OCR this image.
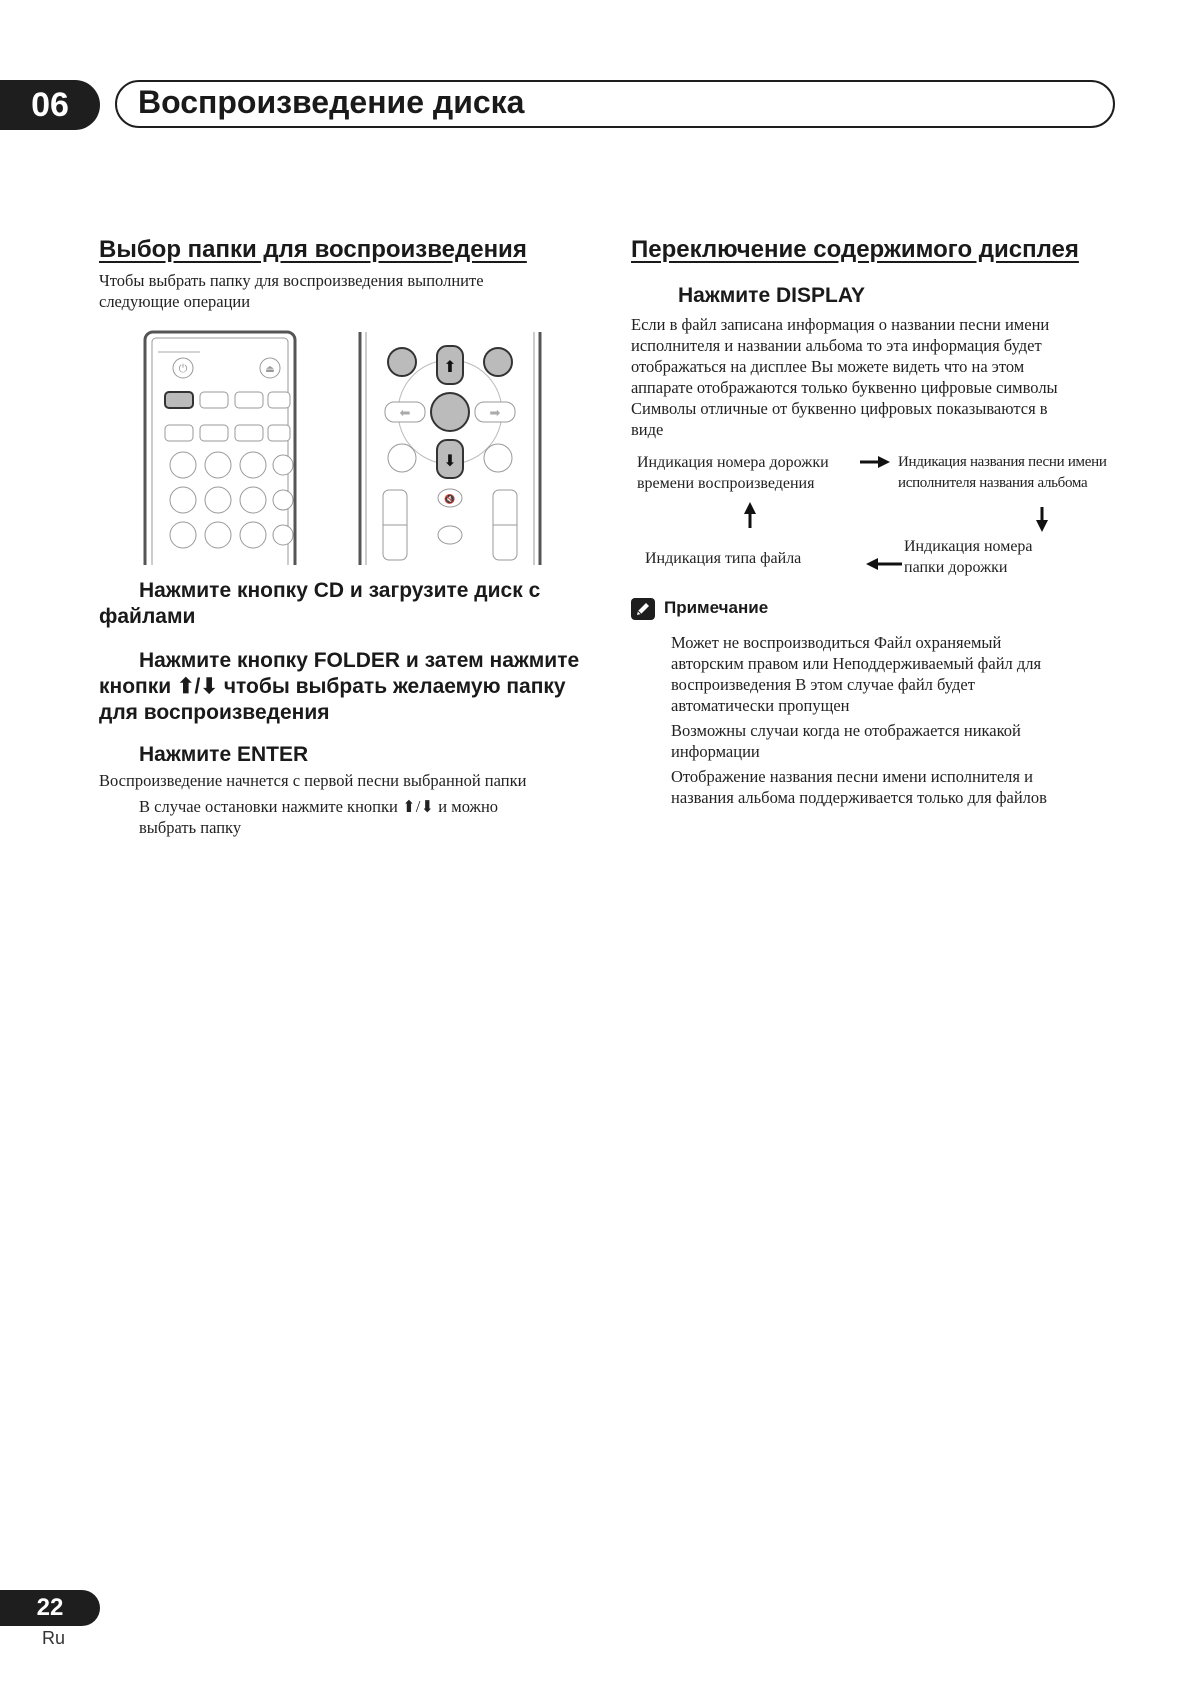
06 Воспроизведение диска
Выбор папки для воспроизведения
Чтобы выбрать папку для воспроизведения выполните
следующие операции
⏻	⏏	⬆
⬇
⬅	➡
🔇
Нажмите кнопку CD и загрузите диск с
файлами
Нажмите кнопку FOLDER и затем нажмите
кнопки ⬆/⬇ чтобы выбрать желаемую папку
для воспроизведения
Нажмите ENTER
Воспроизведение начнется с первой песни выбранной папки
В случае остановки нажмите кнопки ⬆/⬇ и можно
выбрать папку
Переключение содержимого дисплея
Нажмите DISPLAY
Если в файл записана информация о названии песни имени
исполнителя и названии альбома то эта информация будет
отображаться на дисплее Вы можете видеть что на этом
аппарате отображаются только буквенно цифровые символы
Символы отличные от буквенно цифровых показываются в
виде
Индикация номера дорожки
времени воспроизведения
Индикация названия песни имени
исполнителя названия альбома
Индикация номера
папки дорожки
Индикация типа файла
Примечание
Может не воспроизводиться Файл охраняемый
авторским правом или Неподдерживаемый файл для
воспроизведения В этом случае файл будет
автоматически пропущен
Возможны случаи когда не отображается никакой
информации
Отображение названия песни имени исполнителя и
названия альбома поддерживается только для файлов
22
Ru
